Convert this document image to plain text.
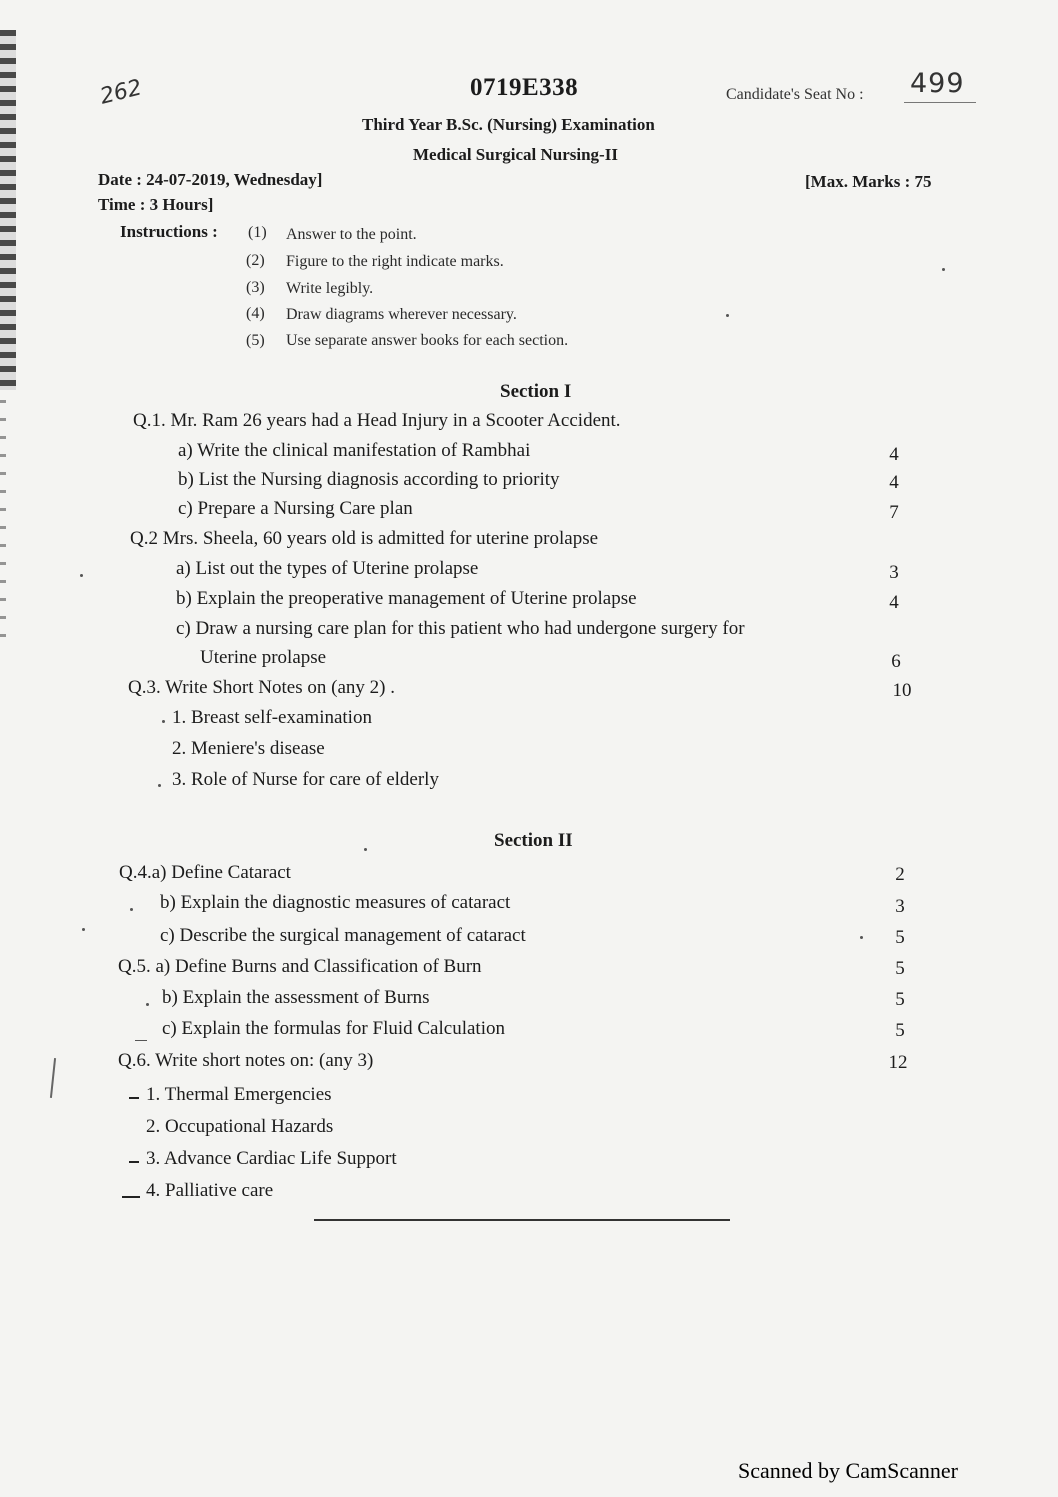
262	0719E338	Candidate's Seat No : 499
Third Year B.Sc. (Nursing) Examination
Medical Surgical Nursing-II
Date : 24-07-2019, Wednesday]	[Max. Marks : 75
Time : 3 Hours]
Instructions : (1) Answer to the point.
(2) Figure to the right indicate marks.
(3) Write legibly.
(4) Draw diagrams wherever necessary.
(5) Use separate answer books for each section.
Section I
Q.1. Mr. Ram 26 years had a Head Injury in a Scooter Accident.
a) Write the clinical manifestation of Rambhai	4
b) List the Nursing diagnosis according to priority	4
c) Prepare a Nursing Care plan	7
Q.2 Mrs. Sheela, 60 years old is admitted for uterine prolapse
a) List out the types of Uterine prolapse	3
b) Explain the preoperative management of Uterine prolapse	4
c) Draw a nursing care plan for this patient who had undergone surgery for
Uterine prolapse	6
Q.3. Write Short Notes on (any 2) .	10
1. Breast self-examination
2. Meniere's disease
3. Role of Nurse for care of elderly
Section II
Q.4.a) Define Cataract	2
b) Explain the diagnostic measures of cataract	3
c) Describe the surgical management of cataract	5
Q.5. a) Define Burns and Classification of Burn	5
b) Explain the assessment of Burns	5
c) Explain the formulas for Fluid Calculation	5
Q.6. Write short notes on: (any 3)	12
1. Thermal Emergencies
2. Occupational Hazards
3. Advance Cardiac Life Support
4. Palliative care
Scanned by CamScanner
